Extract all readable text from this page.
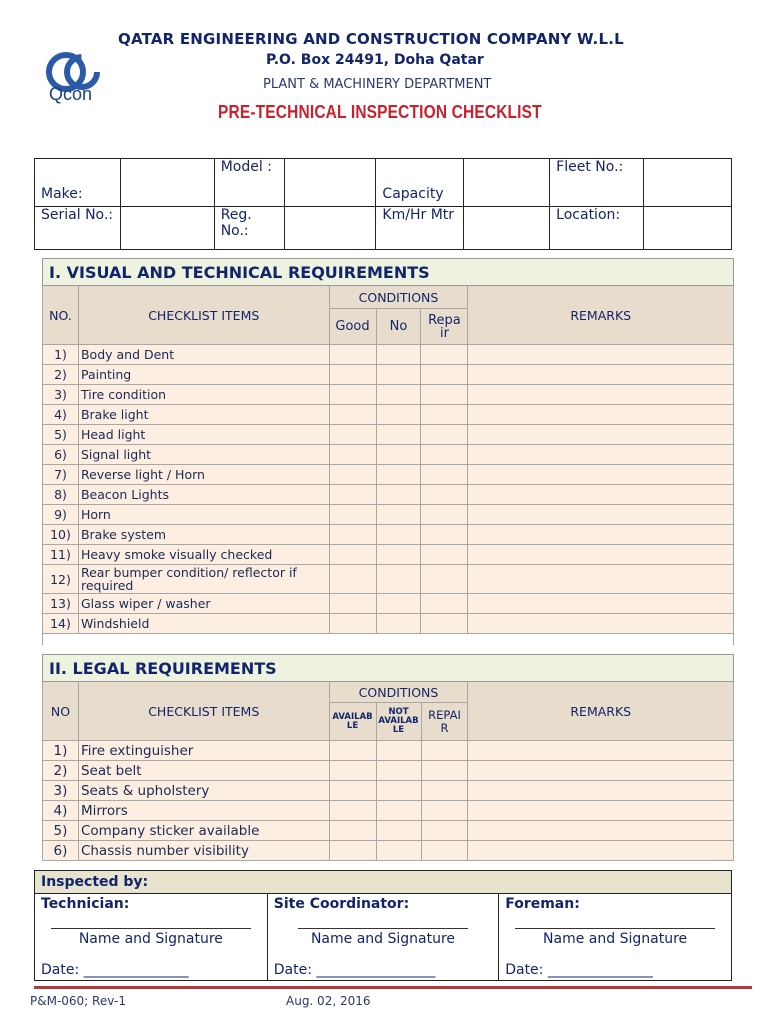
Qcon
QATAR ENGINEERING AND CONSTRUCTION COMPANY W.L.L
P.O. Box 24491, Doha Qatar
PLANT & MACHINERY DEPARTMENT
PRE-TECHNICAL INSPECTION CHECKLIST
Make:		Model :		Capacity		Fleet No.:	
Serial No.:		Reg. No.:		Km/Hr Mtr		Location:	
I. VISUAL AND TECHNICAL REQUIREMENTS					
NO.	CHECKLIST ITEMS	CONDITIONS			REMARKS
		Good	No	Repa ir	
1)	Body and Dent				
2)	Painting				
3)	Tire condition				
4)	Brake light				
5)	Head light				
6)	Signal light				
7)	Reverse light / Horn				
8)	Beacon Lights				
9)	Horn				
10)	Brake system				
11)	Heavy smoke visually checked				
12)	Rear bumper condition/ reflector if required				
13)	Glass wiper / washer				
14)	Windshield				

II. LEGAL REQUIREMENTS					
NO	CHECKLIST ITEMS	CONDITIONS			REMARKS
		AVAILAB LE	NOT AVAILAB LE	REPAI R	
1)	Fire extinguisher				
2)	Seat belt				
3)	Seats & upholstery				
4)	Mirrors				
5)	Company sticker available				
6)	Chassis number visibility				
Inspected by:

Technician:
Name and Signature
Date: _______________

Site Coordinator:
Name and Signature
Date: _________________

Foreman:
Name and Signature
Date: _______________
P&M-060; Rev-1	Aug. 02, 2016
